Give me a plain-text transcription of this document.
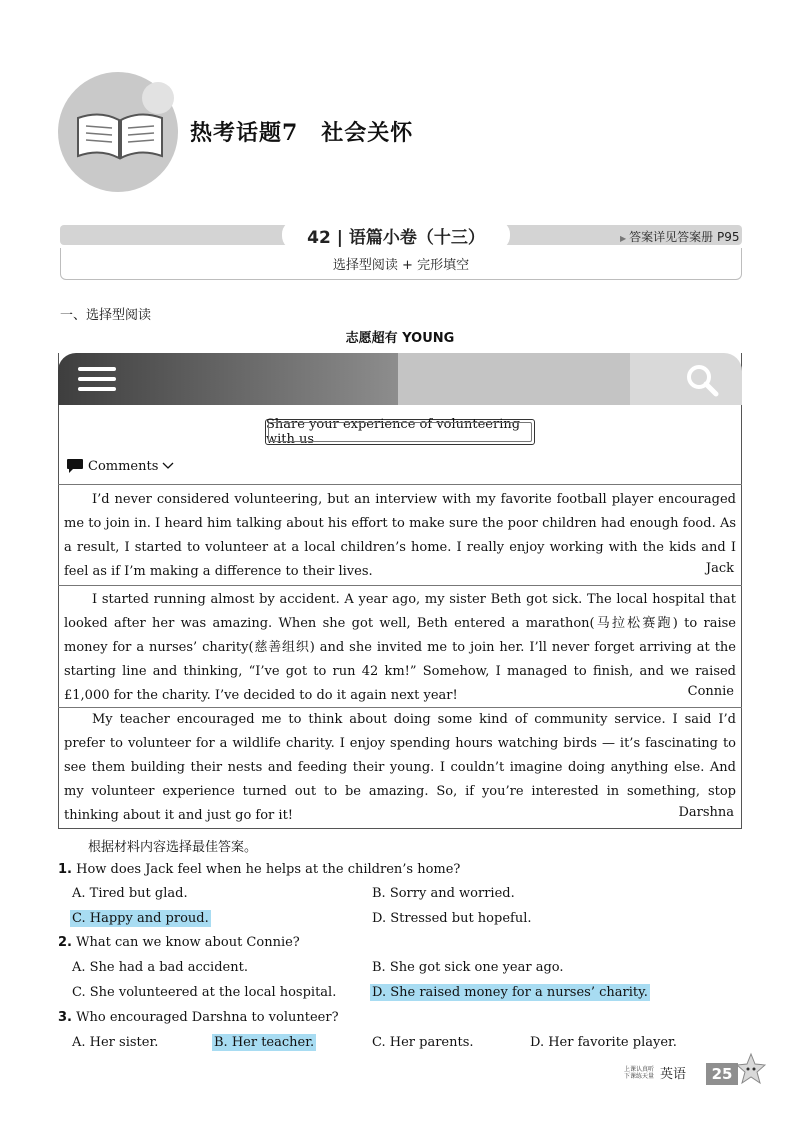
热考话题7　社会关怀
42 | 语篇小卷（十三）	▶ 答案详见答案册 P95
选择型阅读 + 完形填空
一、选择型阅读
志愿超有 YOUNG
Share your experience of volunteering with us
Comments

I’d never considered volunteering, but an interview with my favorite football player encouraged me to join in. I heard him talking about his effort to make sure the poor children had enough food. As a result, I started to volunteer at a local children’s home. I really enjoy working with the kids and I feel as if I’m making a difference to their lives.	Jack

I started running almost by accident. A year ago, my sister Beth got sick. The local hospital that looked after her was amazing. When she got well, Beth entered a marathon(马拉松赛跑) to raise money for a nurses’ charity(慈善组织) and she invited me to join her. I’ll never forget arriving at the starting line and thinking, “I’ve got to run 42 km!” Somehow, I managed to finish, and we raised £1,000 for the charity. I’ve decided to do it again next year!	Connie

My teacher encouraged me to think about doing some kind of community service. I said I’d prefer to volunteer for a wildlife charity. I enjoy spending hours watching birds — it’s fascinating to see them building their nests and feeding their young. I couldn’t imagine doing anything else. And my volunteer experience turned out to be amazing. So, if you’re interested in something, stop thinking about it and just go for it!	Darshna
根据材料内容选择最佳答案。
1. How does Jack feel when he helps at the children’s home?
A. Tired but glad.	B. Sorry and worried.
C. Happy and proud.	D. Stressed but hopeful.
2. What can we know about Connie?
A. She had a bad accident.	B. She got sick one year ago.
C. She volunteered at the local hospital.	D. She raised money for a nurses’ charity.
3. Who encouraged Darshna to volunteer?
A. Her sister.	B. Her teacher.	C. Her parents.	D. Her favorite player.
上课认真听
下课练天量 英语	25
